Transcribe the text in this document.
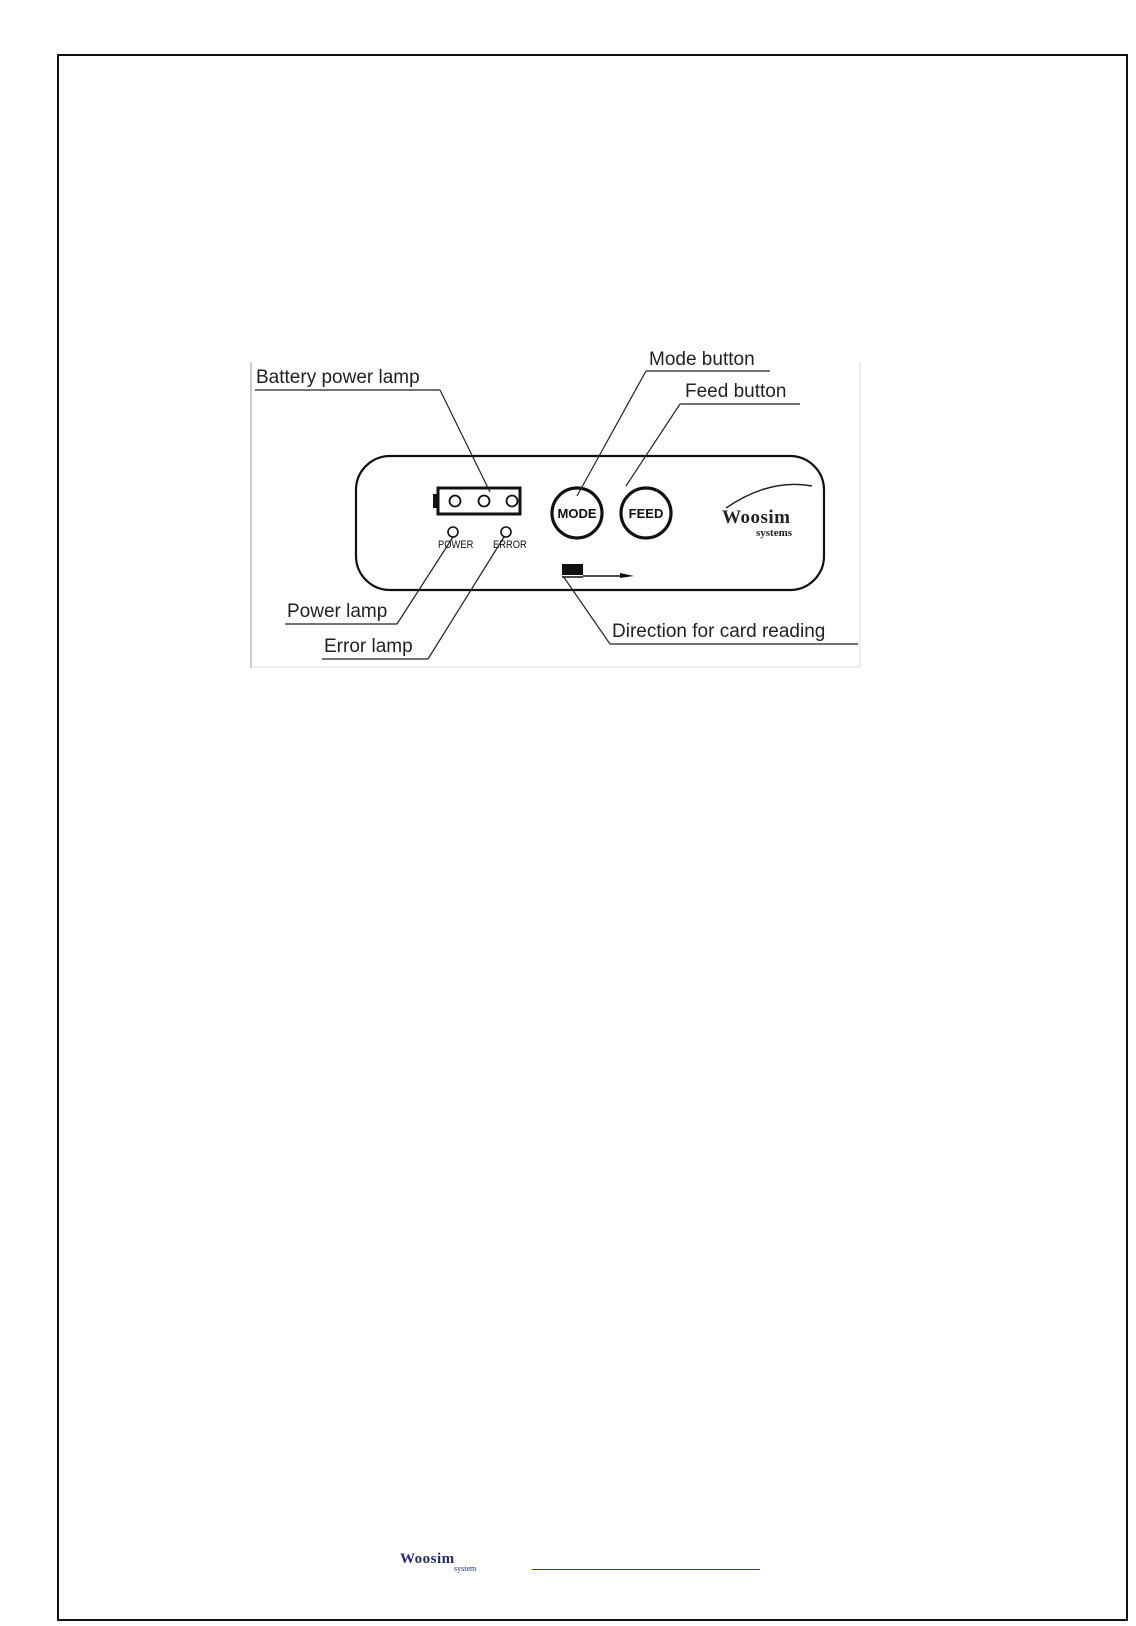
Battery power lamp
Mode button
Feed button
Power lamp
Error lamp
Direction for card reading
POWER ERROR
MODE	FEED	Woosim
systems
Woosim
system
